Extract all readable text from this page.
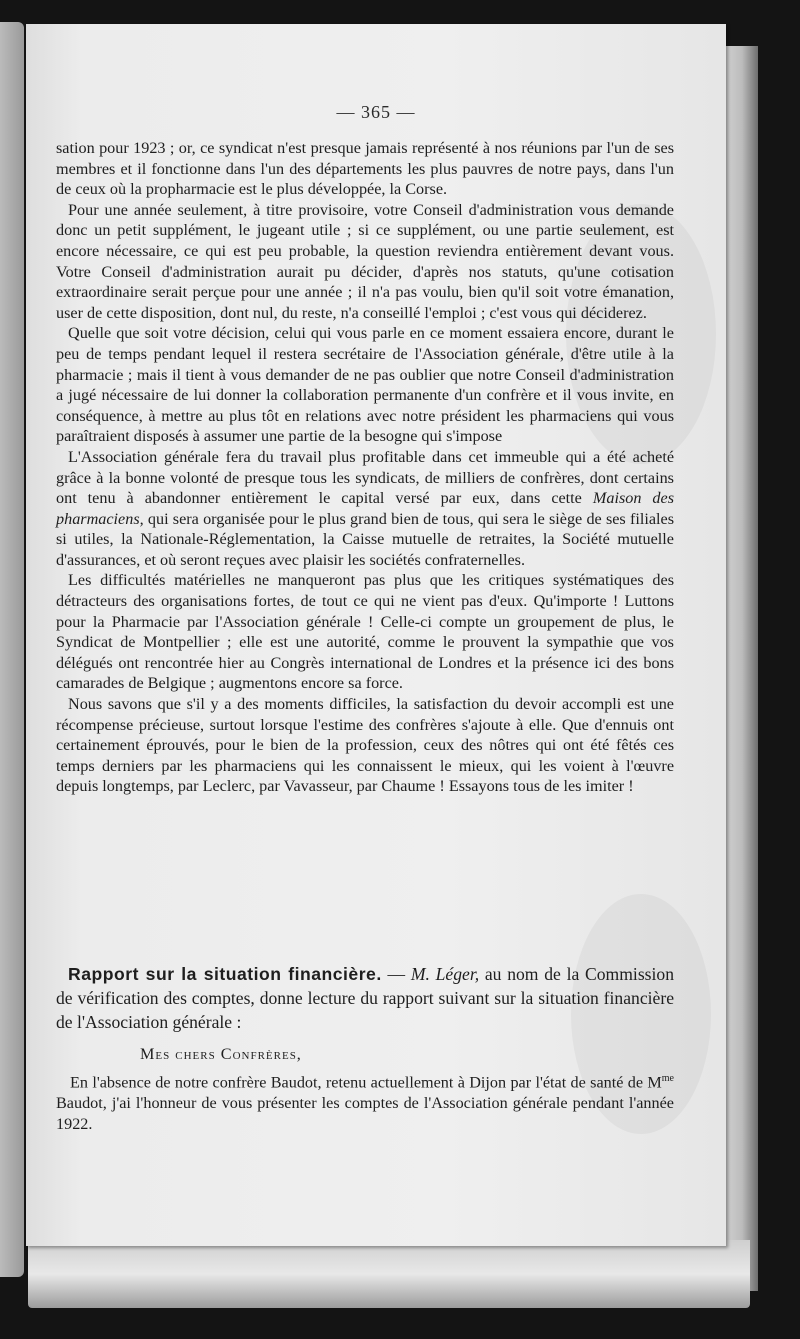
— 365 —

sation pour 1923 ; or, ce syndicat n'est presque jamais représenté à nos réunions par l'un de ses membres et il fonctionne dans l'un des départements les plus pauvres de notre pays, dans l'un de ceux où la propharmacie est le plus développée, la Corse.

Pour une année seulement, à titre provisoire, votre Conseil d'administration vous demande donc un petit supplément, le jugeant utile ; si ce supplément, ou une partie seulement, est encore nécessaire, ce qui est peu probable, la question reviendra entièrement devant vous. Votre Conseil d'administration aurait pu décider, d'après nos statuts, qu'une cotisation extraordinaire serait perçue pour une année ; il n'a pas voulu, bien qu'il soit votre émanation, user de cette disposition, dont nul, du reste, n'a conseillé l'emploi ; c'est vous qui déciderez.

Quelle que soit votre décision, celui qui vous parle en ce moment essaiera encore, durant le peu de temps pendant lequel il restera secrétaire de l'Association générale, d'être utile à la pharmacie ; mais il tient à vous demander de ne pas oublier que notre Conseil d'administration a jugé nécessaire de lui donner la collaboration permanente d'un confrère et il vous invite, en conséquence, à mettre au plus tôt en relations avec notre président les pharmaciens qui vous paraîtraient disposés à assumer une partie de la besogne qui s'impose

L'Association générale fera du travail plus profitable dans cet immeuble qui a été acheté grâce à la bonne volonté de presque tous les syndicats, de milliers de confrères, dont certains ont tenu à abandonner entièrement le capital versé par eux, dans cette Maison des pharmaciens, qui sera organisée pour le plus grand bien de tous, qui sera le siège de ses filiales si utiles, la Nationale-Réglementation, la Caisse mutuelle de retraites, la Société mutuelle d'assurances, et où seront reçues avec plaisir les sociétés confraternelles.

Les difficultés matérielles ne manqueront pas plus que les critiques systématiques des détracteurs des organisations fortes, de tout ce qui ne vient pas d'eux. Qu'importe ! Luttons pour la Pharmacie par l'Association générale ! Celle-ci compte un groupement de plus, le Syndicat de Montpellier ; elle est une autorité, comme le prouvent la sympathie que vos délégués ont rencontrée hier au Congrès international de Londres et la présence ici des bons camarades de Belgique ; augmentons encore sa force.

Nous savons que s'il y a des moments difficiles, la satisfaction du devoir accompli est une récompense précieuse, surtout lorsque l'estime des confrères s'ajoute à elle. Que d'ennuis ont certainement éprouvés, pour le bien de la profession, ceux des nôtres qui ont été fêtés ces temps derniers par les pharmaciens qui les connaissent le mieux, qui les voient à l'œuvre depuis longtemps, par Leclerc, par Vavasseur, par Chaume ! Essayons tous de les imiter !

Rapport sur la situation financière. — M. Léger, au nom de la Commission de vérification des comptes, donne lecture du rapport suivant sur la situation financière de l'Association générale :

Mes chers Confrères,

En l'absence de notre confrère Baudot, retenu actuellement à Dijon par l'état de santé de $M^{me}$ Baudot, j'ai l'honneur de vous présenter les comptes de l'Association générale pendant l'année 1922.
